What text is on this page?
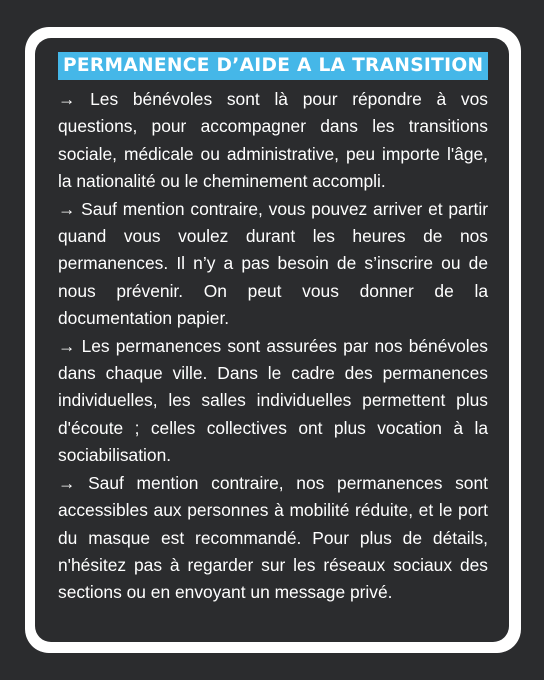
PERMANENCE D’AIDE A LA TRANSITION

→ Les bénévoles sont là pour répondre à vos questions, pour accompagner dans les transitions sociale, médicale ou administrative, peu importe l'âge, la nationalité ou le cheminement accompli.

→ Sauf mention contraire, vous pouvez arriver et partir quand vous voulez durant les heures de nos permanences. Il n’y a pas besoin de s’inscrire ou de nous prévenir. On peut vous donner de la documentation papier.

→ Les permanences sont assurées par nos bénévoles dans chaque ville. Dans le cadre des permanences individuelles, les salles individuelles permettent plus d'écoute ; celles collectives ont plus vocation à la sociabilisation.

→ Sauf mention contraire, nos permanences sont accessibles aux personnes à mobilité réduite, et le port du masque est recommandé. Pour plus de détails, n'hésitez pas à regarder sur les réseaux sociaux des sections ou en envoyant un message privé.
